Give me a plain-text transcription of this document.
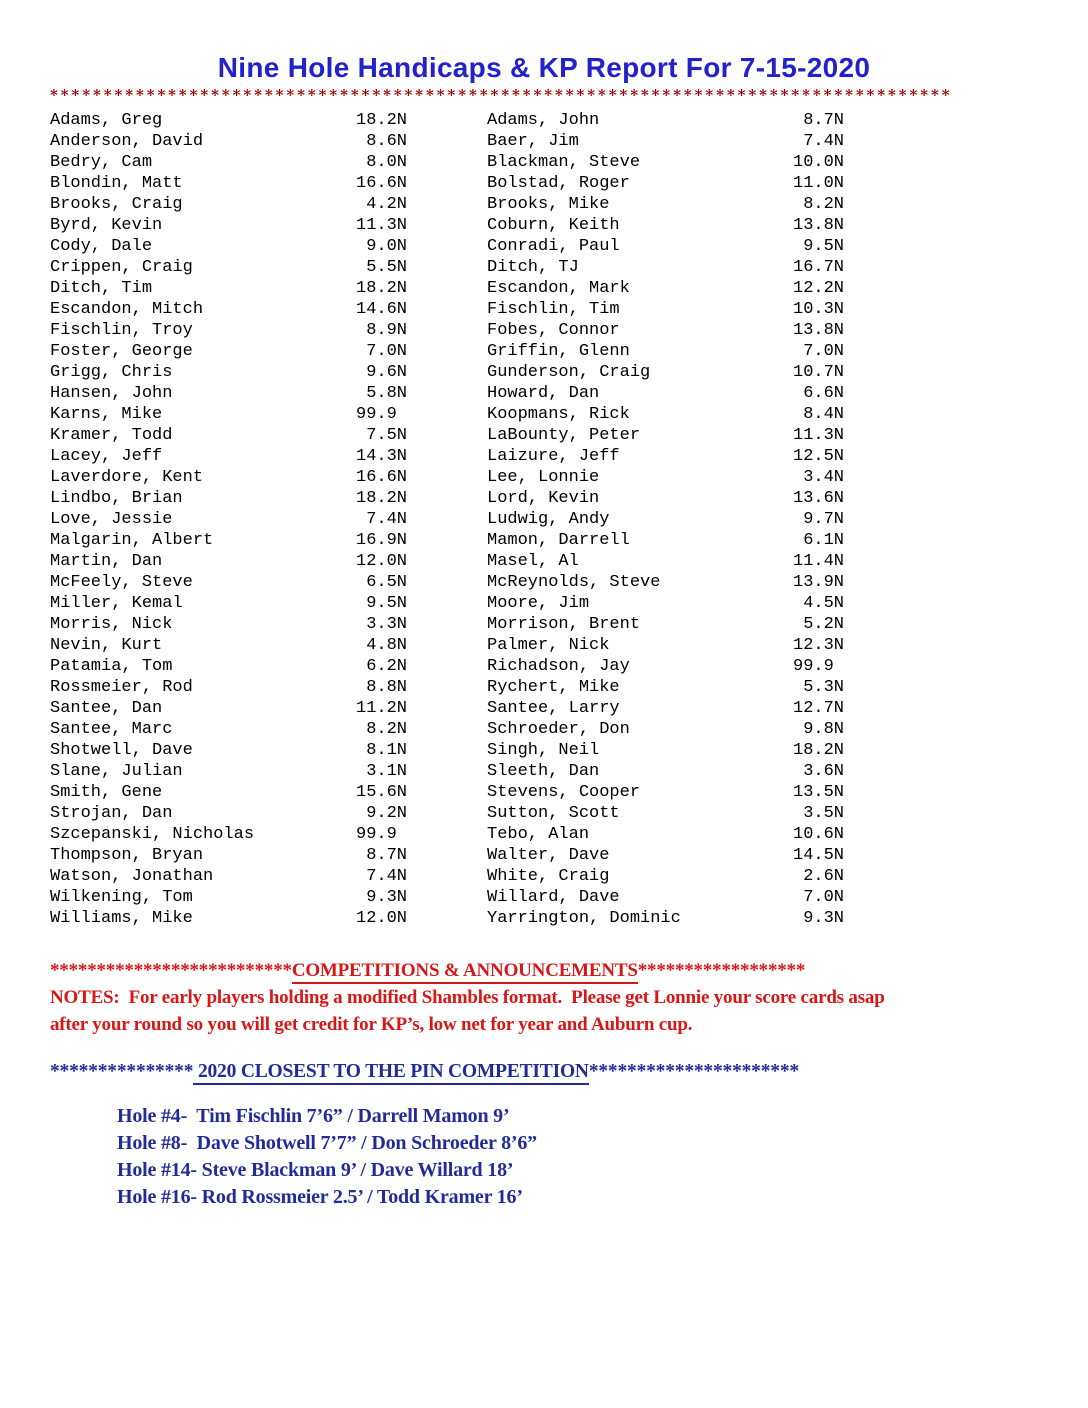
Nine Hole Handicaps & KP Report For 7-15-2020
************************************************************************************
Adams, Greg	18.2N	Adams, John	8.7N
Anderson, David	8.6N	Baer, Jim	7.4N
Bedry, Cam	8.0N	Blackman, Steve	10.0N
Blondin, Matt	16.6N	Bolstad, Roger	11.0N
Brooks, Craig	4.2N	Brooks, Mike	8.2N
Byrd, Kevin	11.3N	Coburn, Keith	13.8N
Cody, Dale	9.0N	Conradi, Paul	9.5N
Crippen, Craig	5.5N	Ditch, TJ	16.7N
Ditch, Tim	18.2N	Escandon, Mark	12.2N
Escandon, Mitch	14.6N	Fischlin, Tim	10.3N
Fischlin, Troy	8.9N	Fobes, Connor	13.8N
Foster, George	7.0N	Griffin, Glenn	7.0N
Grigg, Chris	9.6N	Gunderson, Craig	10.7N
Hansen, John	5.8N	Howard, Dan	6.6N
Karns, Mike	99.9	Koopmans, Rick	8.4N
Kramer, Todd	7.5N	LaBounty, Peter	11.3N
Lacey, Jeff	14.3N	Laizure, Jeff	12.5N
Laverdore, Kent	16.6N	Lee, Lonnie	3.4N
Lindbo, Brian	18.2N	Lord, Kevin	13.6N
Love, Jessie	7.4N	Ludwig, Andy	9.7N
Malgarin, Albert	16.9N	Mamon, Darrell	6.1N
Martin, Dan	12.0N	Masel, Al	11.4N
McFeely, Steve	6.5N	McReynolds, Steve	13.9N
Miller, Kemal	9.5N	Moore, Jim	4.5N
Morris, Nick	3.3N	Morrison, Brent	5.2N
Nevin, Kurt	4.8N	Palmer, Nick	12.3N
Patamia, Tom	6.2N	Richadson, Jay	99.9
Rossmeier, Rod	8.8N	Rychert, Mike	5.3N
Santee, Dan	11.2N	Santee, Larry	12.7N
Santee, Marc	8.2N	Schroeder, Don	9.8N
Shotwell, Dave	8.1N	Singh, Neil	18.2N
Slane, Julian	3.1N	Sleeth, Dan	3.6N
Smith, Gene	15.6N	Stevens, Cooper	13.5N
Strojan, Dan	9.2N	Sutton, Scott	3.5N
Szcepanski, Nicholas	99.9	Tebo, Alan	10.6N
Thompson, Bryan	8.7N	Walter, Dave	14.5N
Watson, Jonathan	7.4N	White, Craig	2.6N
Wilkening, Tom	9.3N	Willard, Dave	7.0N
Williams, Mike	12.0N	Yarrington, Dominic	9.3N
**************************COMPETITIONS & ANNOUNCEMENTS******************
NOTES:  For early players holding a modified Shambles format.  Please get Lonnie your score cards asap
after your round so you will get credit for KP’s, low net for year and Auburn cup.
*************** 2020 CLOSEST TO THE PIN COMPETITION**********************
Hole #4-  Tim Fischlin 7’6” / Darrell Mamon 9’
Hole #8-  Dave Shotwell 7’7” / Don Schroeder 8’6”
Hole #14- Steve Blackman 9’ / Dave Willard 18’
Hole #16- Rod Rossmeier 2.5’ / Todd Kramer 16’
